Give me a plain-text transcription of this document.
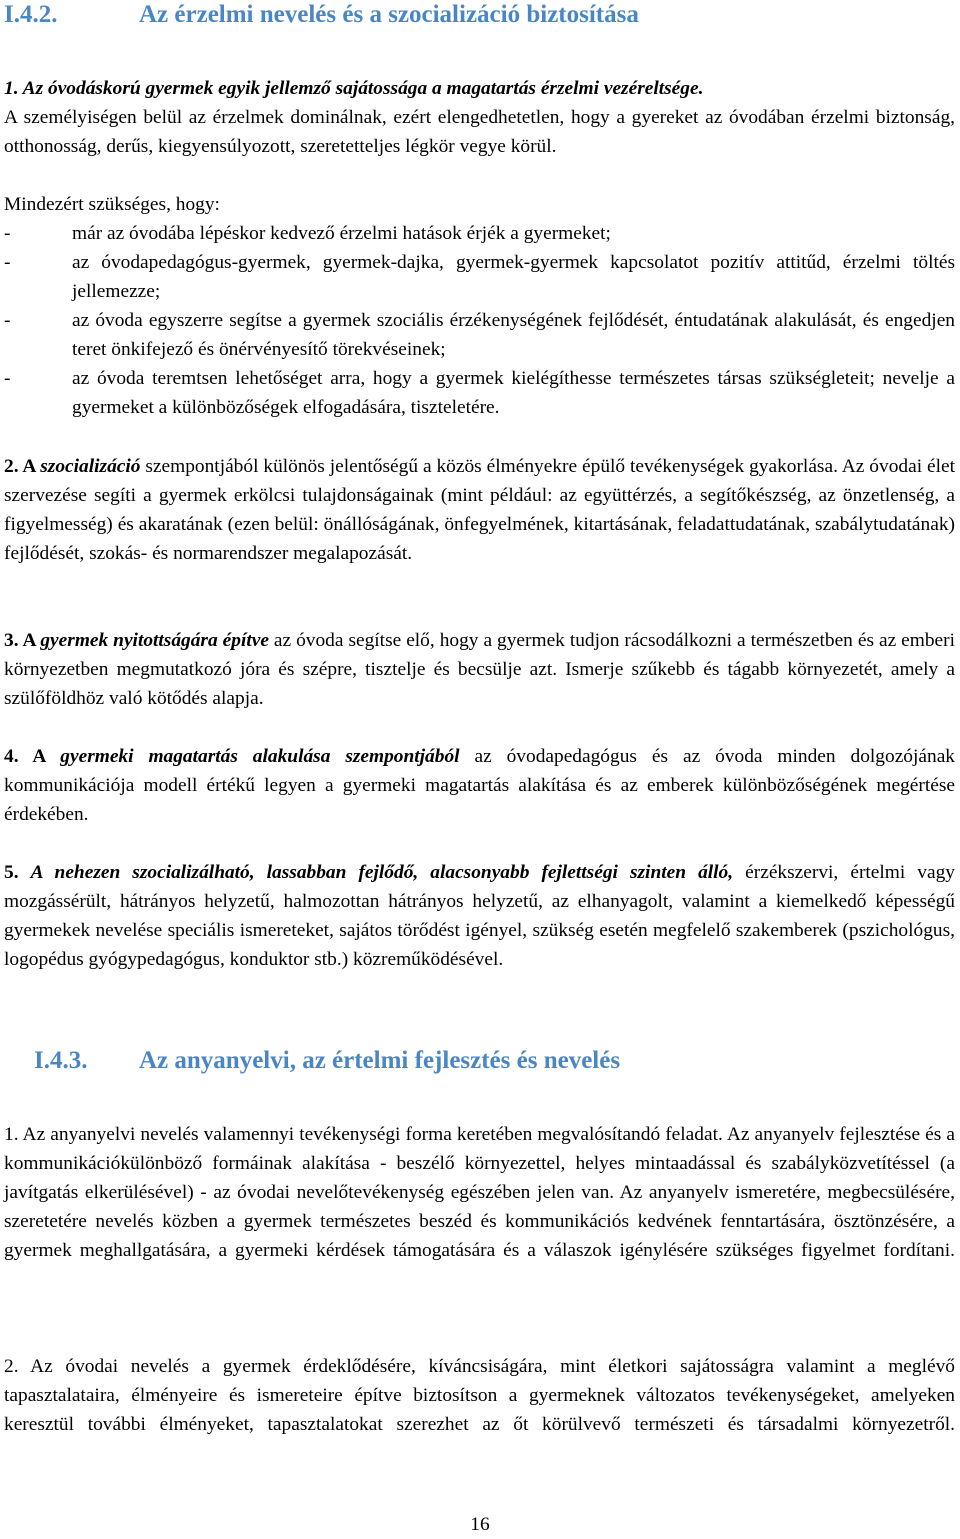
I.4.2.	Az érzelmi nevelés és a szocializáció biztosítása

1. Az óvodáskorú gyermek egyik jellemző sajátossága a magatartás érzelmi vezéreltsége.

A személyiségen belül az érzelmek dominálnak, ezért elengedhetetlen, hogy a gyereket az óvodában érzelmi biztonság, otthonosság, derűs, kiegyensúlyozott, szeretetteljes légkör vegye körül.

Mindezért szükséges, hogy:

-	már az óvodába lépéskor kedvező érzelmi hatások érjék a gyermeket;
-	az óvodapedagógus-gyermek, gyermek-dajka, gyermek-gyermek kapcsolatot pozitív attitűd, érzelmi töltés jellemezze;
-	az óvoda egyszerre segítse a gyermek szociális érzékenységének fejlődését, éntudatának alakulását, és engedjen teret önkifejező és önérvényesítő törekvéseinek;
-	az óvoda teremtsen lehetőséget arra, hogy a gyermek kielégíthesse természetes társas szükségleteit; nevelje a gyermeket a különbözőségek elfogadására, tiszteletére.

2. A szocializáció szempontjából különös jelentőségű a közös élményekre épülő tevékenységek gyakorlása. Az óvodai élet szervezése segíti a gyermek erkölcsi tulajdonságainak (mint például: az együttérzés, a segítőkészség, az önzetlenség, a figyelmesség) és akaratának (ezen belül: önállóságának, önfegyelmének, kitartásának, feladattudatának, szabálytudatának) fejlődését, szokás- és normarendszer megalapozását.

3. A gyermek nyitottságára építve az óvoda segítse elő, hogy a gyermek tudjon rácsodálkozni a természetben és az emberi környezetben megmutatkozó jóra és szépre, tisztelje és becsülje azt. Ismerje szűkebb és tágabb környezetét, amely a szülőföldhöz való kötődés alapja.

4. A gyermeki magatartás alakulása szempontjából az óvodapedagógus és az óvoda minden dolgozójának kommunikációja modell értékű legyen a gyermeki magatartás alakítása és az emberek különbözőségének megértése érdekében.

5. A nehezen szocializálható, lassabban fejlődő, alacsonyabb fejlettségi szinten álló, érzékszervi, értelmi vagy mozgássérült, hátrányos helyzetű, halmozottan hátrányos helyzetű, az elhanyagolt, valamint a kiemelkedő képességű gyermekek nevelése speciális ismereteket, sajátos törődést igényel, szükség esetén megfelelő szakemberek (pszichológus, logopédus gyógypedagógus, konduktor stb.) közreműködésével.

I.4.3. Az anyanyelvi, az értelmi fejlesztés és nevelés

1. Az anyanyelvi nevelés valamennyi tevékenységi forma keretében megvalósítandó feladat. Az anyanyelv fejlesztése és a kommunikációkülönböző formáinak alakítása - beszélő környezettel, helyes mintaadással és szabályközvetítéssel (a javítgatás elkerülésével) - az óvodai nevelőtevékenység egészében jelen van. Az anyanyelv ismeretére, megbecsülésére, szeretetére nevelés közben a gyermek természetes beszéd és kommunikációs kedvének fenntartására, ösztönzésére, a gyermek meghallgatására, a gyermeki kérdések támogatására és a válaszok igénylésére szükséges figyelmet fordítani.

2. Az óvodai nevelés a gyermek érdeklődésére, kíváncsiságára, mint életkori sajátosságra valamint a meglévő tapasztalataira, élményeire és ismereteire építve biztosítson a gyermeknek változatos tevékenységeket, amelyeken keresztül további élményeket, tapasztalatokat szerezhet az őt körülvevő természeti és társadalmi környezetről.

16
